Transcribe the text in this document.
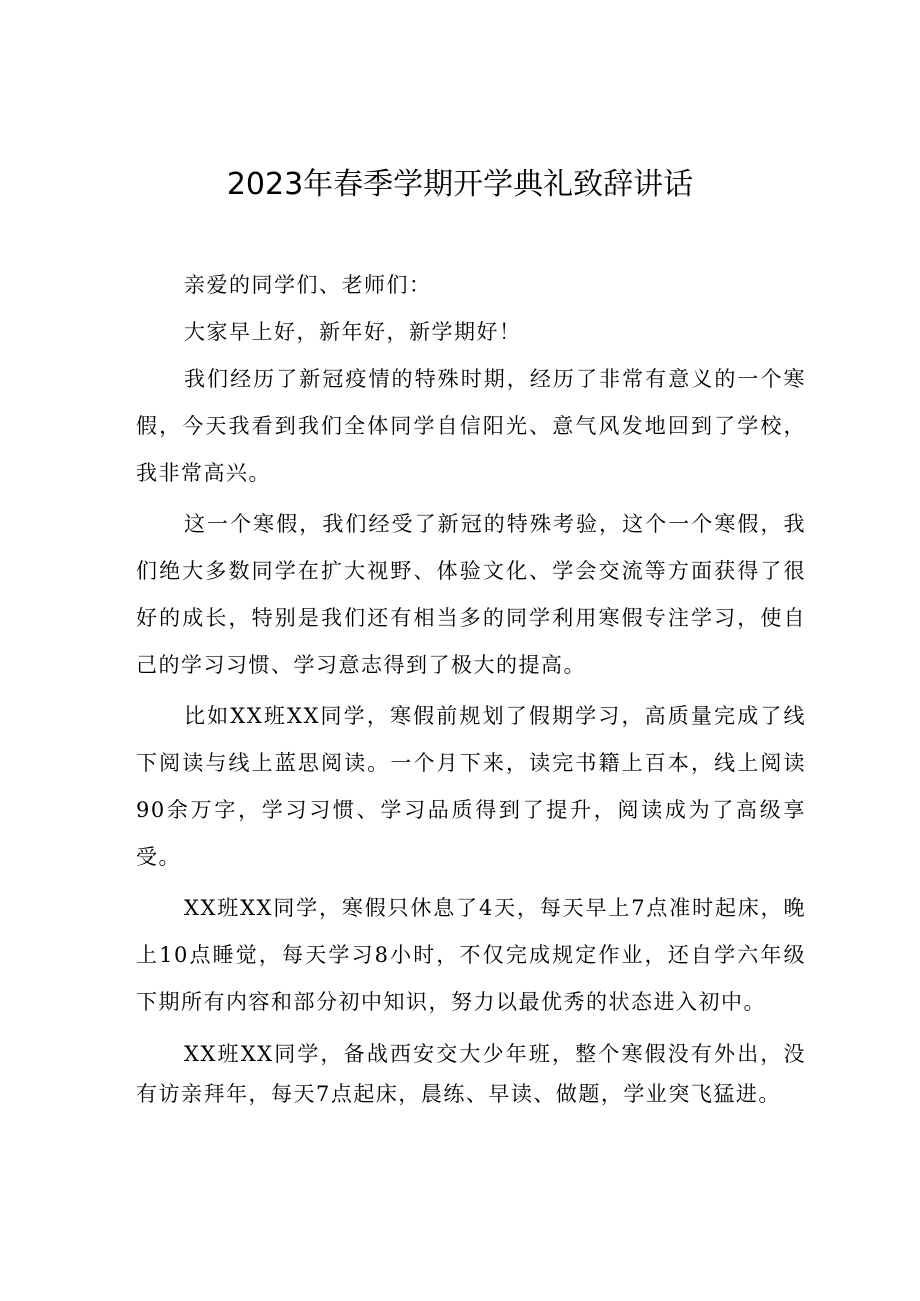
2023年春季学期开学典礼致辞讲话

亲爱的同学们、老师们：

大家早上好，新年好，新学期好！

我们经历了新冠疫情的特殊时期，经历了非常有意义的一个寒假，今天我看到我们全体同学自信阳光、意气风发地回到了学校，我非常高兴。

这一个寒假，我们经受了新冠的特殊考验，这个一个寒假，我们绝大多数同学在扩大视野、体验文化、学会交流等方面获得了很好的成长，特别是我们还有相当多的同学利用寒假专注学习，使自己的学习习惯、学习意志得到了极大的提高。

比如XX班XX同学，寒假前规划了假期学习，高质量完成了线下阅读与线上蓝思阅读。一个月下来，读完书籍上百本，线上阅读90余万字，学习习惯、学习品质得到了提升，阅读成为了高级享受。

XX班XX同学，寒假只休息了4天，每天早上7点准时起床，晚上10点睡觉，每天学习8小时，不仅完成规定作业，还自学六年级下期所有内容和部分初中知识，努力以最优秀的状态进入初中。

XX班XX同学，备战西安交大少年班，整个寒假没有外出，没有访亲拜年，每天7点起床，晨练、早读、做题，学业突飞猛进。
